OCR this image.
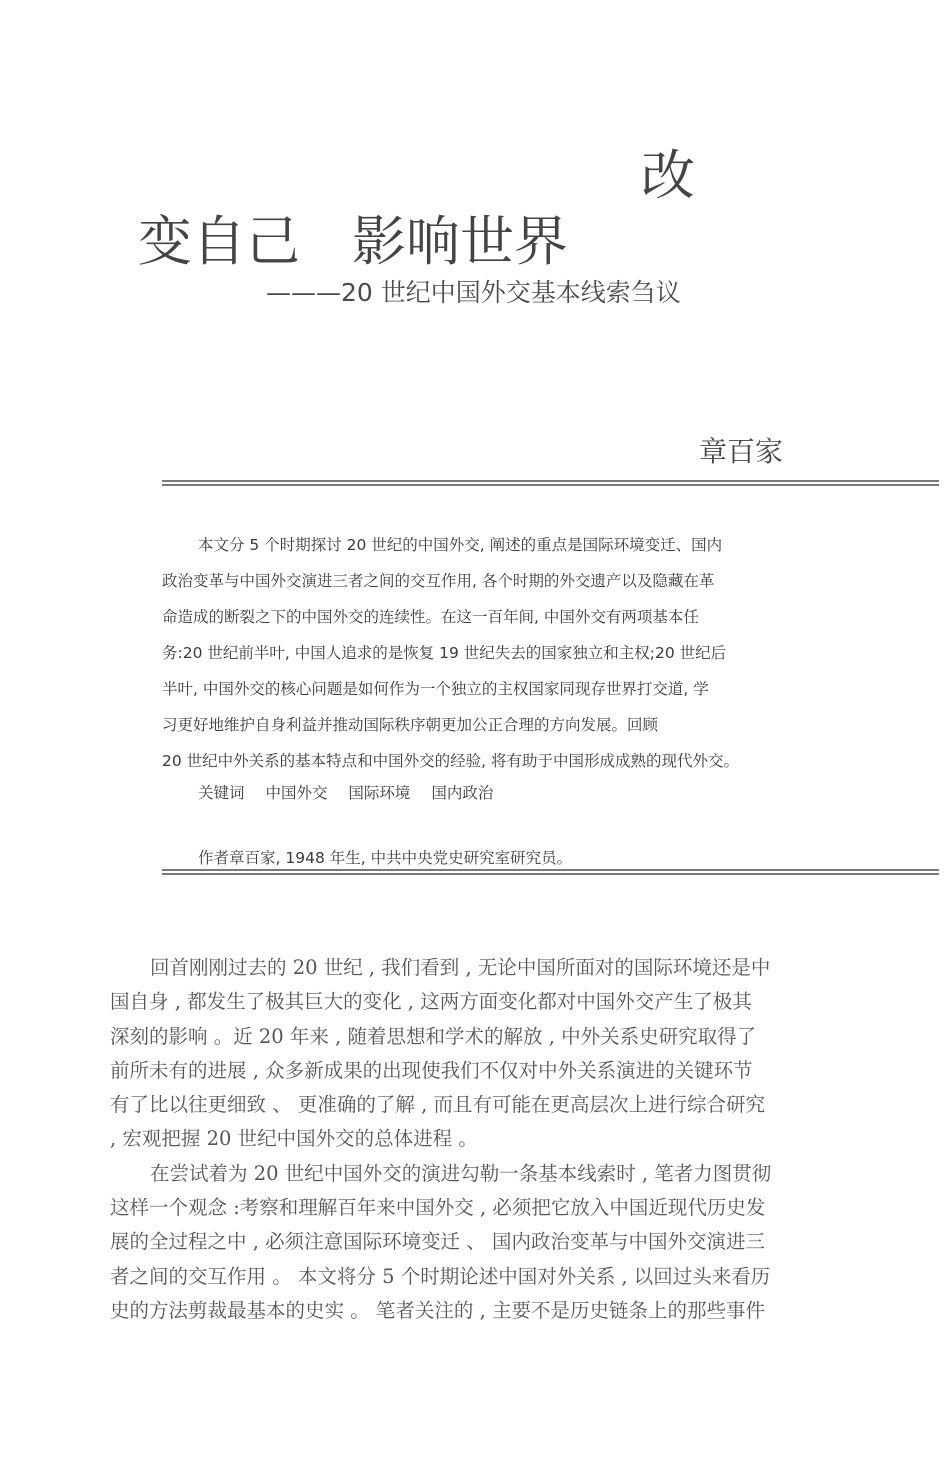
改
变自己 影响世界
———20 世纪中国外交基本线索刍议
章百家
本文分 5 个时期探讨 20 世纪的中国外交, 阐述的重点是国际环境变迁、国内
政治变革与中国外交演进三者之间的交互作用, 各个时期的外交遗产以及隐藏在革
命造成的断裂之下的中国外交的连续性。在这一百年间, 中国外交有两项基本任
务:20 世纪前半叶, 中国人追求的是恢复 19 世纪失去的国家独立和主权;20 世纪后
半叶, 中国外交的核心问题是如何作为一个独立的主权国家同现存世界打交道, 学
习更好地维护自身利益并推动国际秩序朝更加公正合理的方向发展。回顾
20 世纪中外关系的基本特点和中国外交的经验, 将有助于中国形成成熟的现代外交。
关键词 中国外交 国际环境 国内政治
作者章百家, 1948 年生, 中共中央党史研究室研究员。
回首刚刚过去的 20 世纪 , 我们看到 , 无论中国所面对的国际环境还是中
国自身 , 都发生了极其巨大的变化 , 这两方面变化都对中国外交产生了极其
深刻的影响 。近 20 年来 , 随着思想和学术的解放 , 中外关系史研究取得了
前所未有的进展 , 众多新成果的出现使我们不仅对中外关系演进的关键环节
有了比以往更细致 、 更准确的了解 , 而且有可能在更高层次上进行综合研究
, 宏观把握 20 世纪中国外交的总体进程 。
在尝试着为 20 世纪中国外交的演进勾勒一条基本线索时 , 笔者力图贯彻
这样一个观念 :考察和理解百年来中国外交 , 必须把它放入中国近现代历史发
展的全过程之中 , 必须注意国际环境变迁 、 国内政治变革与中国外交演进三
者之间的交互作用 。 本文将分 5 个时期论述中国对外关系 , 以回过头来看历
史的方法剪裁最基本的史实 。 笔者关注的 , 主要不是历史链条上的那些事件
